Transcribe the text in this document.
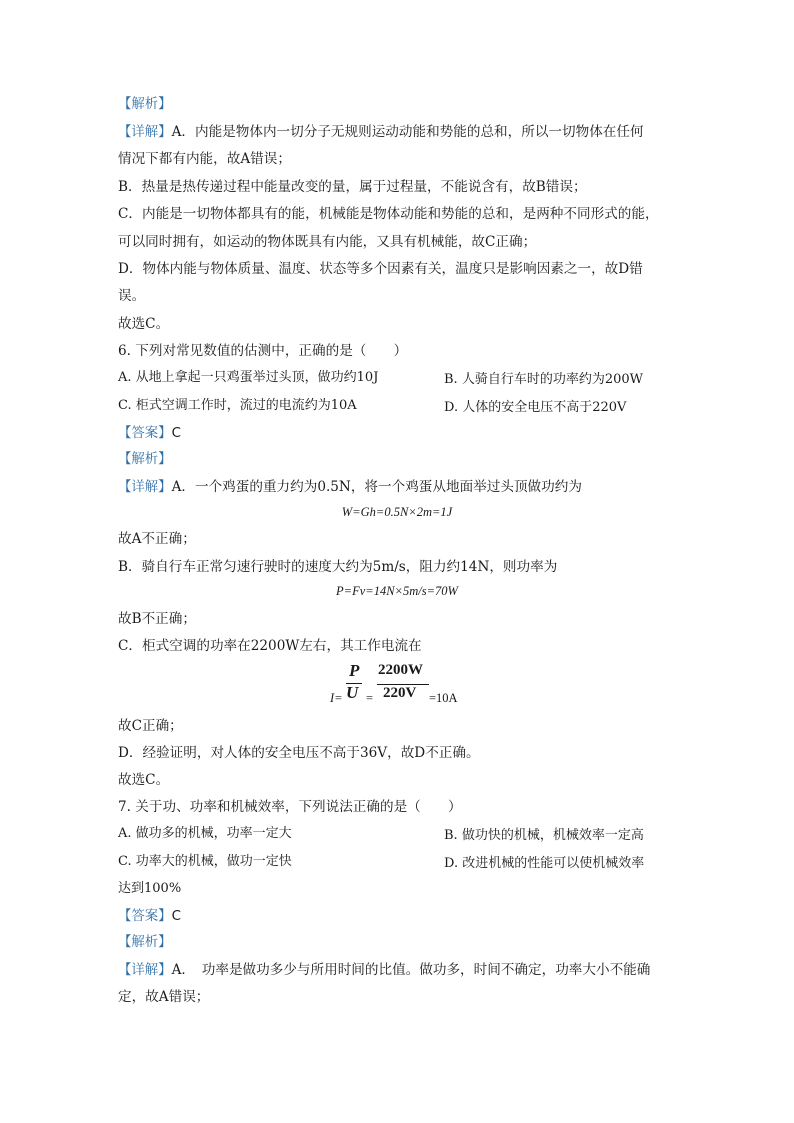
【解析】
【详解】A．内能是物体内一切分子无规则运动动能和势能的总和，所以一切物体在任何
情况下都有内能，故A错误；
B．热量是热传递过程中能量改变的量，属于过程量，不能说含有，故B错误；
C．内能是一切物体都具有的能，机械能是物体动能和势能的总和，是两种不同形式的能，
可以同时拥有，如运动的物体既具有内能，又具有机械能，故C正确；
D．物体内能与物体质量、温度、状态等多个因素有关，温度只是影响因素之一，故D错
误。
故选C。
6. 下列对常见数值的估测中，正确的是（　　）
A. 从地上拿起一只鸡蛋举过头顶，做功约10J	B. 人骑自行车时的功率约为200W
C. 柜式空调工作时，流过的电流约为10A	D. 人体的安全电压不高于220V
【答案】C
【解析】
【详解】A．一个鸡蛋的重力约为0.5N，将一个鸡蛋从地面举过头顶做功约为
W=Gh=0.5N×2m=1J
故A不正确；
B．骑自行车正常匀速行驶时的速度大约为5m/s，阻力约14N，则功率为
P=Fv=14N×5m/s=70W
故B不正确；
C．柜式空调的功率在2200W左右，其工作电流在
I=
P
U =
2200W
220V =10A
故C正确；
D．经验证明，对人体的安全电压不高于36V，故D不正确。
故选C。
7. 关于功、功率和机械效率，下列说法正确的是（　　）
A. 做功多的机械，功率一定大	B. 做功快的机械，机械效率一定高
C. 功率大的机械，做功一定快	D. 改进机械的性能可以使机械效率
达到100%
【答案】C
【解析】
【详解】A．　功率是做功多少与所用时间的比值。做功多，时间不确定，功率大小不能确
定，故A错误；
